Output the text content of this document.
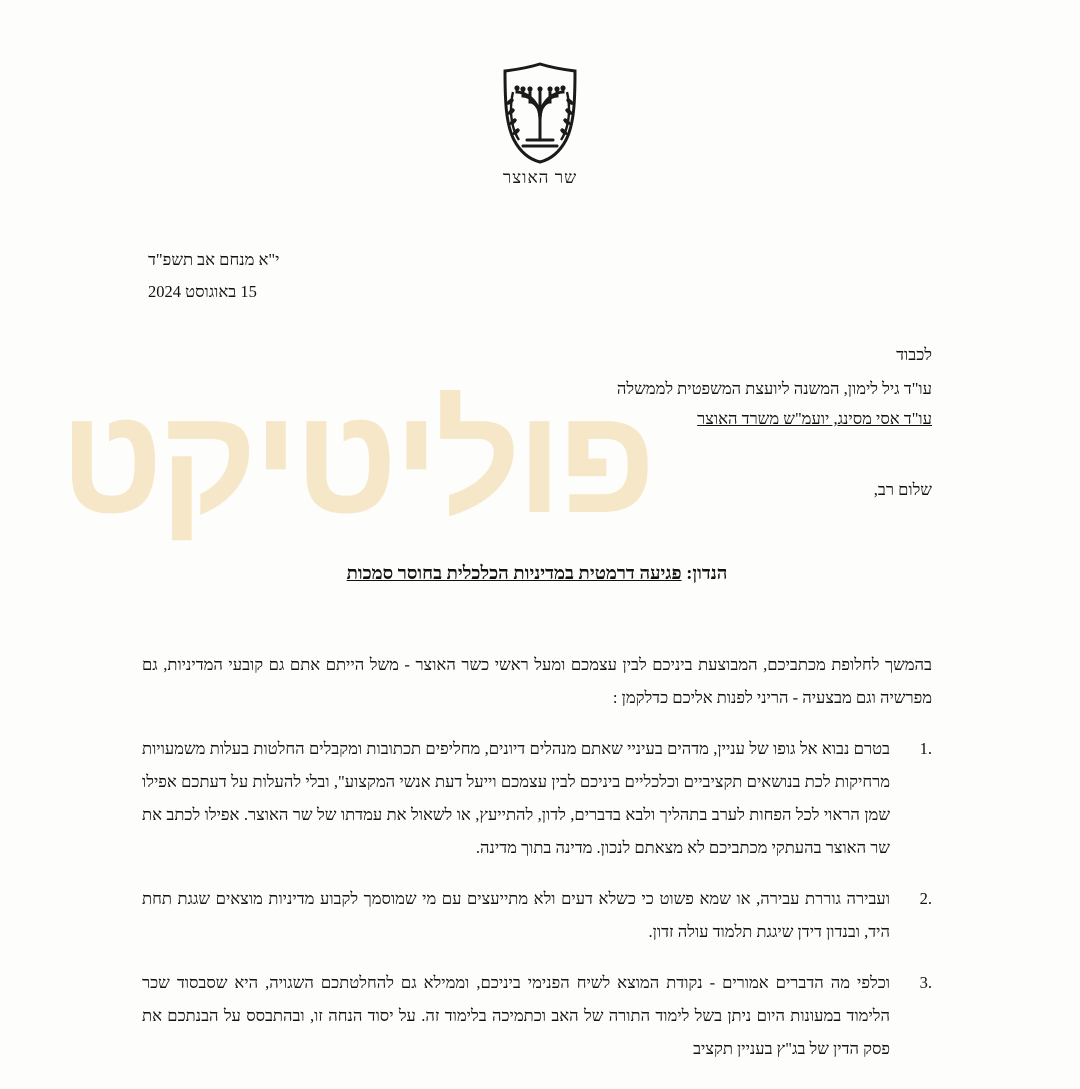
פוליטיקט
שר האוצר
י"א מנחם אב תשפ"ד
15 באוגוסט 2024
לכבוד
עו"ד גיל לימון, המשנה ליועצת המשפטית לממשלה
עו"ד אסי מסינג, יועמ"ש משרד האוצר
שלום רב,
הנדון: פגיעה דרמטית במדיניות הכלכלית בחוסר סמכות

בהמשך לחלופת מכתביכם, המבוצעת ביניכם לבין עצמכם ומעל ראשי כשר האוצר - משל הייתם אתם גם קובעי המדיניות, גם מפרשיה וגם מבצעיה - הריני לפנות אליכם כדלקמן :

1.
בטרם נבוא אל גופו של עניין, מדהים בעיניי שאתם מנהלים דיונים, מחליפים תכתובות ומקבלים החלטות בעלות משמעויות מרחיקות לכת בנושאים תקציביים וכלכליים ביניכם לבין עצמכם וייעל דעת אנשי המקצוע", ובלי להעלות על דעתכם אפילו שמן הראוי לכל הפחות לערב בתהליך ולבא בדברים, לדון, להתייעץ, או לשאול את עמדתו של שר האוצר. אפילו לכתב את שר האוצר בהעתקי מכתביכם לא מצאתם לנכון. מדינה בתוך מדינה.
2.
ועבירה גוררת עבירה, או שמא פשוט כי כשלא דעים ולא מתייעצים עם מי שמוסמך לקבוע מדיניות מוצאים שגגת תחת היד, ובנדון דידן שיגגת תלמוד עולה זדון.
3.
וכלפי מה הדברים אמורים - נקודת המוצא לשיח הפנימי ביניכם, וממילא גם להחלטתכם השגויה, היא שסבסוד שכר הלימוד במעונות היום ניתן בשל לימוד התורה של האב וכתמיכה בלימוד זה. על יסוד הנחה זו, ובהתבסס על הבנתכם את פסק הדין של בג"ץ בעניין תקציב
